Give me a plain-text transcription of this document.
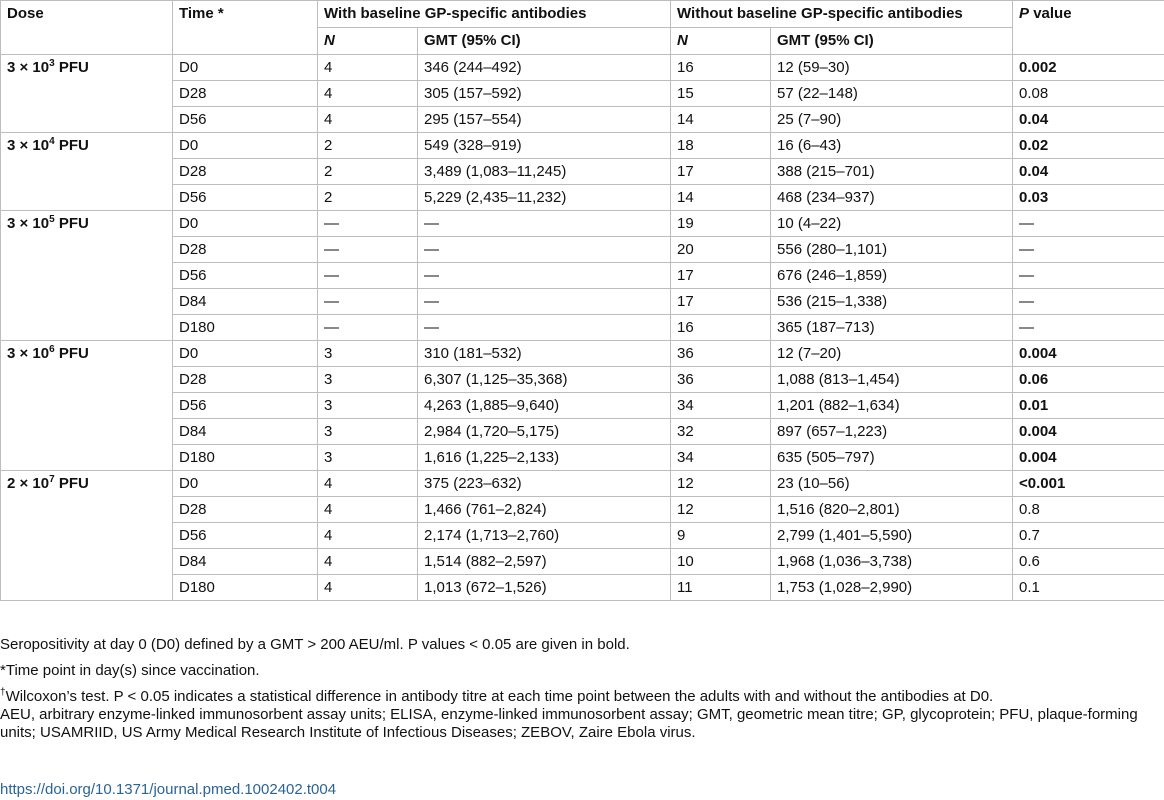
Dose	Time *	With baseline GP-specific antibodies		Without baseline GP-specific antibodies		P value
		N	GMT (95% CI)	N	GMT (95% CI)	
$3 \times 10^3$ PFU	D0	4	346 (244–492)	16	12 (59–30)	0.002
	D28	4	305 (157–592)	15	57 (22–148)	0.08
	D56	4	295 (157–554)	14	25 (7–90)	0.04
$3 \times 10^4$ PFU	D0	2	549 (328–919)	18	16 (6–43)	0.02
	D28	2	3,489 (1,083–11,245)	17	388 (215–701)	0.04
	D56	2	5,229 (2,435–11,232)	14	468 (234–937)	0.03
$3 \times 10^5$ PFU	D0	—	—	19	10 (4–22)	—
	D28	—	—	20	556 (280–1,101)	—
	D56	—	—	17	676 (246–1,859)	—
	D84	—	—	17	536 (215–1,338)	—
	D180	—	—	16	365 (187–713)	—
$3 \times 10^6$ PFU	D0	3	310 (181–532)	36	12 (7–20)	0.004
	D28	3	6,307 (1,125–35,368)	36	1,088 (813–1,454)	0.06
	D56	3	4,263 (1,885–9,640)	34	1,201 (882–1,634)	0.01
	D84	3	2,984 (1,720–5,175)	32	897 (657–1,223)	0.004
	D180	3	1,616 (1,225–2,133)	34	635 (505–797)	0.004
$2 \times 10^7$ PFU	D0	4	375 (223–632)	12	23 (10–56)	<0.001
	D28	4	1,466 (761–2,824)	12	1,516 (820–2,801)	0.8
	D56	4	2,174 (1,713–2,760)	9	2,799 (1,401–5,590)	0.7
	D84	4	1,514 (882–2,597)	10	1,968 (1,036–3,738)	0.6
	D180	4	1,013 (672–1,526)	11	1,753 (1,028–2,990)	0.1

Seropositivity at day 0 (D0) defined by a GMT > 200 AEU/ml. P values < 0.05 are given in bold.

*Time point in day(s) since vaccination.

†Wilcoxon’s test. P < 0.05 indicates a statistical difference in antibody titre at each time point between the adults with and without the antibodies at D0.

AEU, arbitrary enzyme-linked immunosorbent assay units; ELISA, enzyme-linked immunosorbent assay; GMT, geometric mean titre; GP, glycoprotein; PFU, plaque-forming units; USAMRIID, US Army Medical Research Institute of Infectious Diseases; ZEBOV, Zaire Ebola virus.

https://doi.org/10.1371/journal.pmed.1002402.t004
